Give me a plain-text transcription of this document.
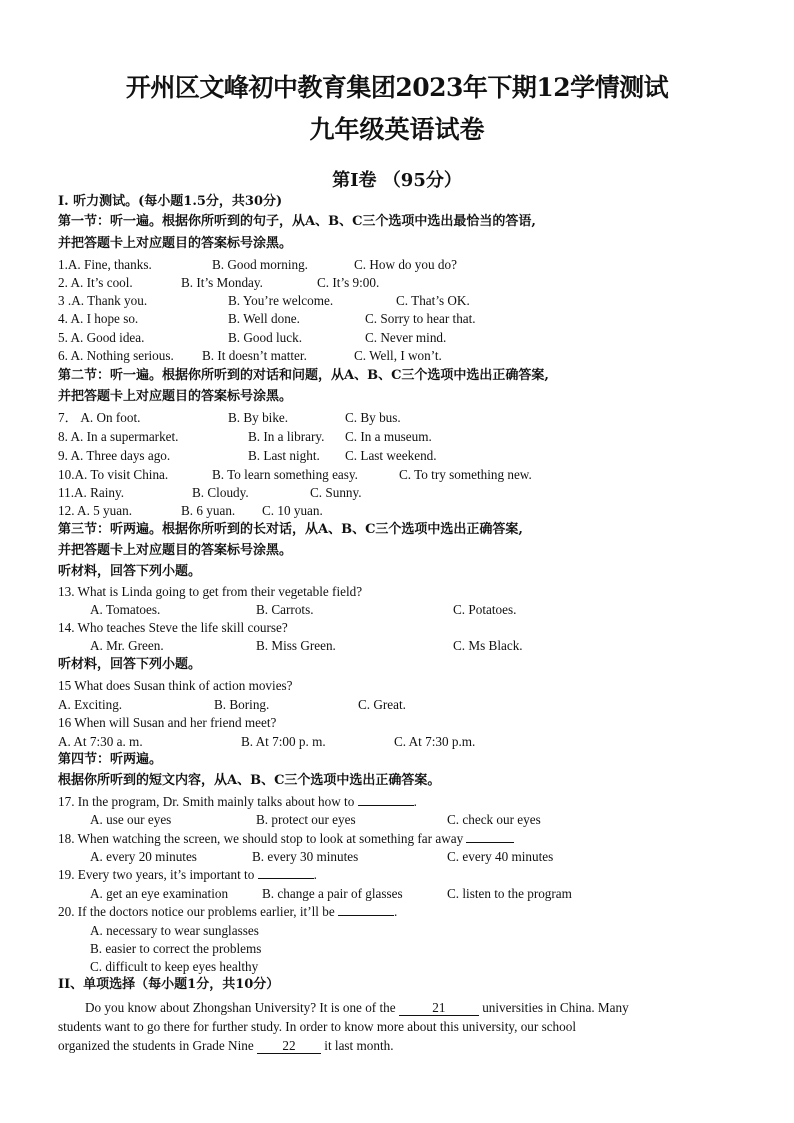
开州区文峰初中教育集团2023年下期12学情测试
九年级英语试卷
第I卷 （95分）
I. 听力测试。(每小题1.5分，共30分)
第一节：听一遍。根据你所听到的句子，从A、B、C三个选项中选出最恰当的答语,
并把答题卡上对应题目的答案标号涂黑。
1.A. Fine, thanks.	B. Good morning.	C. How do you do?
2. A. It’s cool.	B. It’s Monday.	C. It’s 9:00.
3 .A. Thank you.	B. You’re welcome.	C. That’s OK.
4. A. I hope so.	B. Well done.	C. Sorry to hear that.
5. A. Good idea.	B. Good luck.	C. Never mind.
6. A. Nothing serious. B. It doesn’t matter.	C. Well, I won’t.
第二节：听一遍。根据你所听到的对话和问题，从A、B、C三个选项中选出正确答案,
并把答题卡上对应题目的答案标号涂黑。
7． A. On foot.	B. By bike.	C. By bus.
8. A. In a supermarket.	B. In a library. C. In a museum.
9. A. Three days ago.	B. Last night. C. Last weekend.
10.A. To visit China.	B. To learn something easy.	C. To try something new.
11.A. Rainy.	B. Cloudy.	C. Sunny.
12. A. 5 yuan.	B. 6 yuan. C. 10 yuan.
第三节：听两遍。根据你所听到的长对话，从A、B、C三个选项中选出正确答案,
并把答题卡上对应题目的答案标号涂黑。
听材料，回答下列小题。
13. What is Linda going to get from their vegetable field?
A. Tomatoes.	B. Carrots.	C. Potatoes.
14. Who teaches Steve the life skill course?
A. Mr. Green.	B. Miss Green.	C. Ms Black.
听材料，回答下列小题。
15 What does Susan think of action movies?
A. Exciting.	B. Boring.	C. Great.
16 When will Susan and her friend meet?
A. At 7:30 a. m.	B. At 7:00 p. m.	C. At 7:30 p.m.
第四节：听两遍。
根据你所听到的短文内容，从A、B、C三个选项中选出正确答案。
17. In the program, Dr. Smith mainly talks about how to	.
A. use our eyes	B. protect our eyes	C. check our eyes
18. When watching the screen, we should stop to look at something far away
A. every 20 minutes	B. every 30 minutes	C. every 40 minutes
19. Every two years, it’s important to	.
A. get an eye examination	B. change a pair of glasses	C. listen to the program
20. If the doctors notice our problems earlier, it’ll be	.
A. necessary to wear sunglasses
B. easier to correct the problems
C. difficult to keep eyes healthy
II、单项选择（每小题1分，共10分）
Do you know about Zhongshan University? It is one of the	21	universities in China. Many
students want to go there for further study. In order to know more about this university, our school
organized the students in Grade Nine 22 it last month.
